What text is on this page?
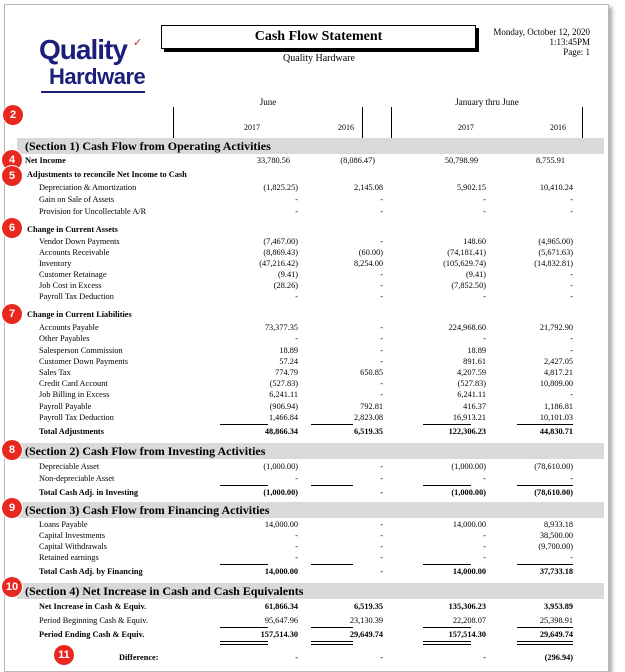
Quality ✓
Hardware
Cash Flow Statement
Quality Hardware
Monday, October 12, 2020
1:13:45PM
Page: 1
June
2017	2016
January thru June
2017	2016
(Section 1) Cash Flow from Operating Activities
Net Income	33,780.56	(8,086.47)	50,798.99	8,755.91
Adjustments to reconcile Net Income to Cash
Depreciation & Amortization	(1,825.25)	2,145.08	5,902.15	10,410.24
Gain on Sale of Assets	-	-	-	-
Provision for Uncollectable A/R	-	-	-	-
Change in Current Assets
Vendor Down Payments	(7,467.00)	-	148.60	(4,965.00)
Accounts Receivable	(8,869.43)	(60.00)	(74,181.41)	(5,671.63)
Inventory	(47,216.42)	8,254.00	(105,629.74)	(14,832.81)
Customer Retainage	(9.41)	-	(9.41)	-
Job Cost in Excess	(28.26)	-	(7,852.50)	-
Payroll Tax Deduction	-	-	-	-
Change in Current Liabilities
Accounts Payable	73,377.35	-	224,968.60	21,792.90
Other Payables	-	-	-	-
Salesperson Commission	18.89	-	18.89	-
Customer Down Payments	57.24	-	891.61	2,427.05
Sales Tax	774.79	650.85	4,207.59	4,817.21
Credit Card Account	(527.83)	-	(527.83)	10,809.00
Job Billing in Excess	6,241.11	-	6,241.11	-
Payroll Payable	(906.94)	792.81	416.37	1,186.81
Payroll Tax Deduction	1,466.84	2,823.08	16,913.21	10,101.03
Total Adjustments	48,866.34	6,519.35	122,306.23	44,830.71
(Section 2) Cash Flow from Investing Activities
Depreciable Asset	(1,000.00)	-	(1,000.00)	(78,610.00)
Non-depreciable Asset	-	-	-	-
Total Cash Adj. in Investing	(1,000.00)	-	(1,000.00)	(78,610.00)
(Section 3) Cash Flow from Financing Activities
Loans Payable	14,000.00	-	14,000.00	8,933.18
Capital Investments	-	-	-	38,500.00
Capital Withdrawals	-	-	-	(9,700.00)
Retained earnings	-	-	-	-
Total Cash Adj. by Financing	14,000.00	-	14,000.00	37,733.18
(Section 4) Net Increase in Cash and Cash Equivalents
Net Increase in Cash & Equiv.	61,866.34	6,519.35	135,306.23	3,953.89
Period Beginning Cash & Equiv.	95,647.96	23,130.39	22,208.07	25,398.91
Period Ending Cash & Equiv.	157,514.30	29,649.74	157,514.30	29,649.74
Difference:	-	-	-	(296.94)
2
4
5
6
7
8
9
10
11
